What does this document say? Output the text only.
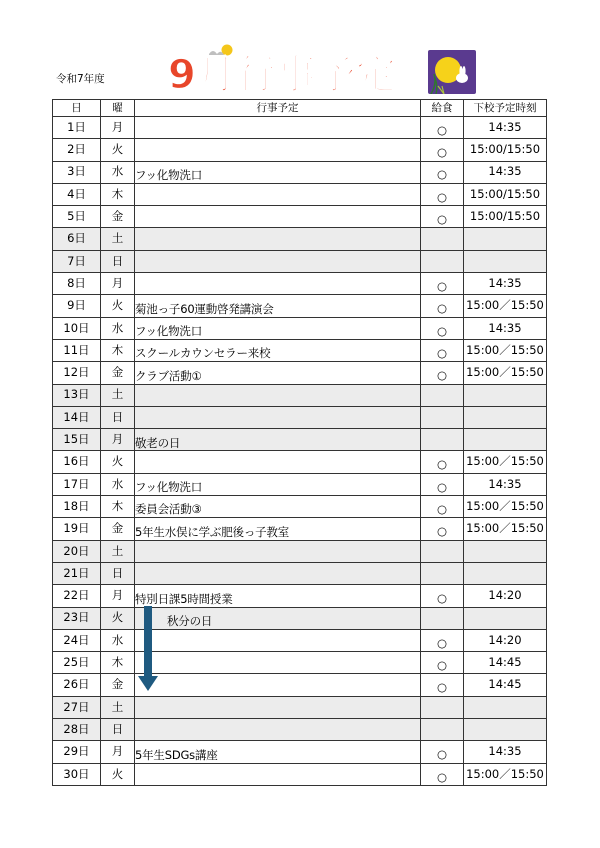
令和7年度 9月行事予定
日	曜	行事予定	給食	下校予定時刻
1日	月		○	14:35
2日	火		○	15:00/15:50
3日	水	フッ化物洗口	○	14:35
4日	木		○	15:00/15:50
5日	金		○	15:00/15:50
6日	土			
7日	日			
8日	月		○	14:35
9日	火	菊池っ子60運動啓発講演会	○	15:00／15:50
10日	水	フッ化物洗口	○	14:35
11日	木	スクールカウンセラー来校	○	15:00／15:50
12日	金	クラブ活動①	○	15:00／15:50
13日	土			
14日	日			
15日	月	敬老の日		
16日	火		○	15:00／15:50
17日	水	フッ化物洗口	○	14:35
18日	木	委員会活動③	○	15:00／15:50
19日	金	5年生水俣に学ぶ肥後っ子教室	○	15:00／15:50
20日	土			
21日	日			
22日	月	特別日課5時間授業	○	14:20
23日	火	秋分の日		
24日	水		○	14:20
25日	木		○	14:45
26日	金		○	14:45
27日	土			
28日	日			
29日	月	5年生SDGs講座	○	14:35
30日	火		○	15:00／15:50
